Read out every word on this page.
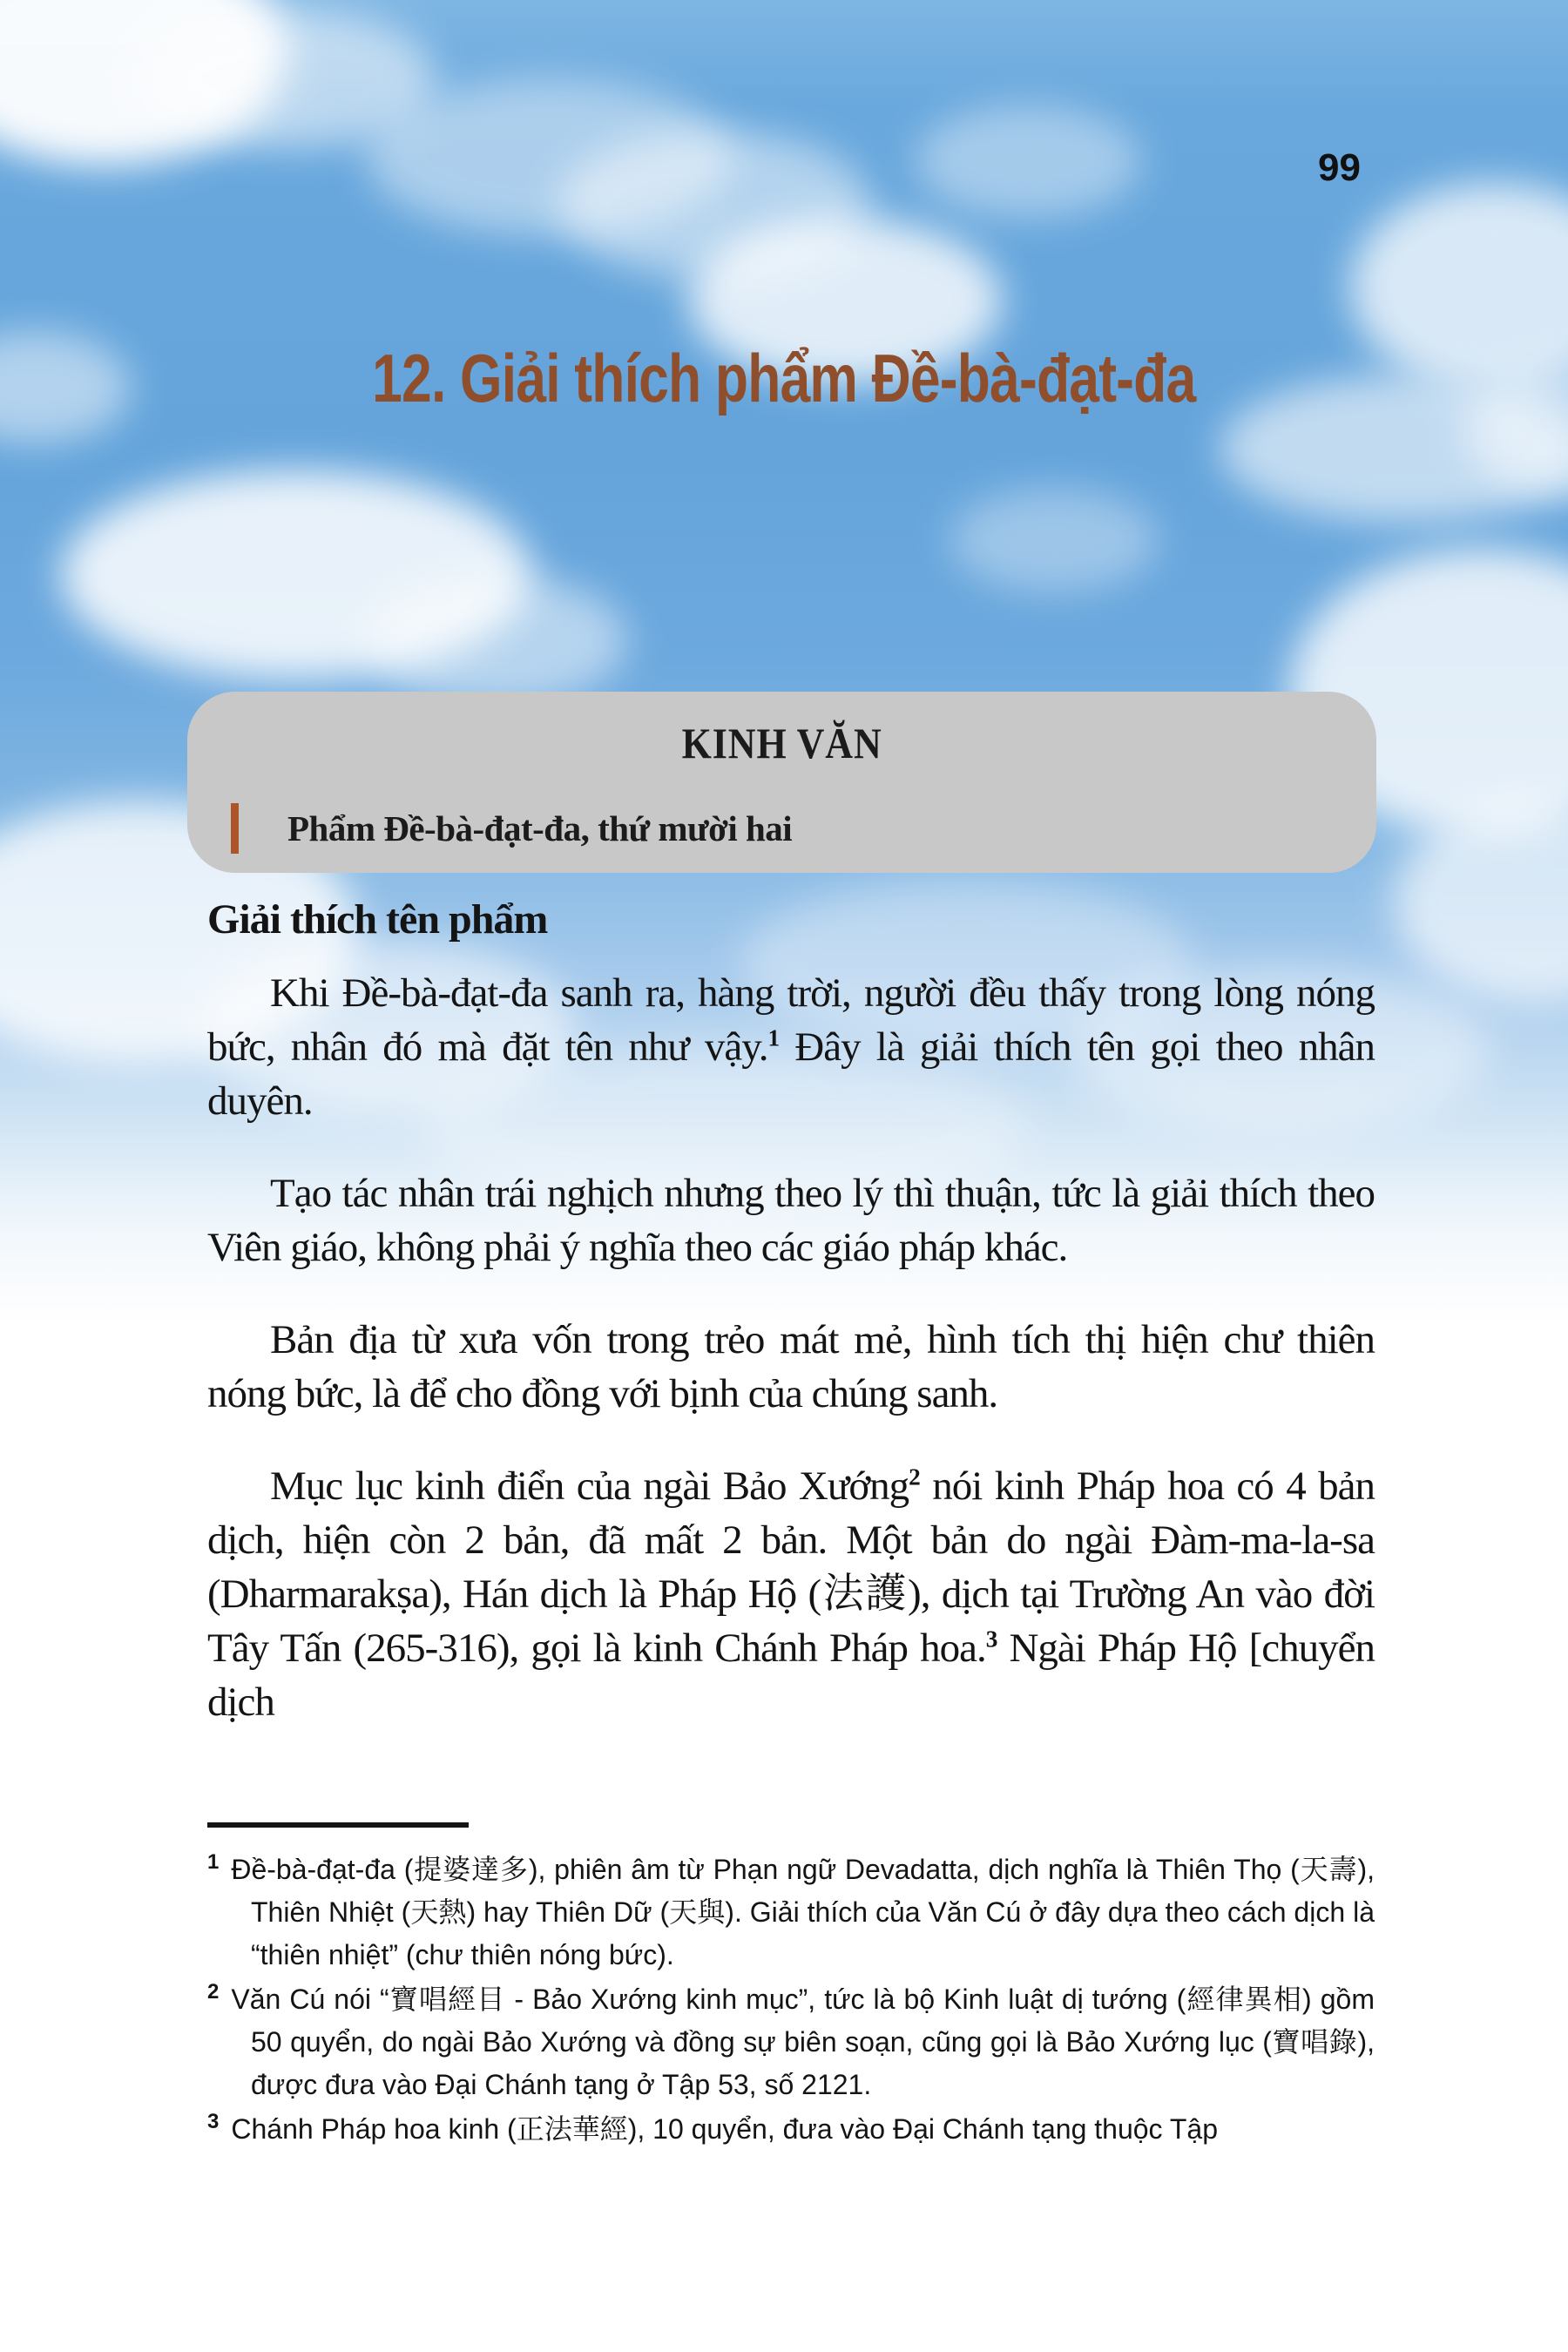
99
12. Giải thích phẩm Đề-bà-đạt-đa
KINH VĂN
Phẩm Đề-bà-đạt-đa, thứ mười hai
Giải thích tên phẩm

Khi Đề-bà-đạt-đa sanh ra, hàng trời, người đều thấy trong lòng nóng bức, nhân đó mà đặt tên như vậy.$^1$ Đây là giải thích tên gọi theo nhân duyên.

Tạo tác nhân trái nghịch nhưng theo lý thì thuận, tức là giải thích theo Viên giáo, không phải ý nghĩa theo các giáo pháp khác.

Bản địa từ xưa vốn trong trẻo mát mẻ, hình tích thị hiện chư thiên nóng bức, là để cho đồng với bịnh của chúng sanh.

Mục lục kinh điển của ngài Bảo Xướng$^2$ nói kinh Pháp hoa có 4 bản dịch, hiện còn 2 bản, đã mất 2 bản. Một bản do ngài Đàm-ma-la-sa (Dharmarakṣa), Hán dịch là Pháp Hộ (法護), dịch tại Trường An vào đời Tây Tấn (265-316), gọi là kinh Chánh Pháp hoa.$^3$ Ngài Pháp Hộ [chuyển dịch

$^1$ Đề-bà-đạt-đa (提婆達多), phiên âm từ Phạn ngữ Devadatta, dịch nghĩa là Thiên Thọ (天壽), Thiên Nhiệt (天熱) hay Thiên Dữ (天與). Giải thích của Văn Cú ở đây dựa theo cách dịch là “thiên nhiệt” (chư thiên nóng bức).
$^2$ Văn Cú nói “寶唱經目 - Bảo Xướng kinh mục”, tức là bộ Kinh luật dị tướng (經律異相) gồm 50 quyển, do ngài Bảo Xướng và đồng sự biên soạn, cũng gọi là Bảo Xướng lục (寶唱錄), được đưa vào Đại Chánh tạng ở Tập 53, số 2121.
$^3$ Chánh Pháp hoa kinh (正法華經), 10 quyển, đưa vào Đại Chánh tạng thuộc Tập
